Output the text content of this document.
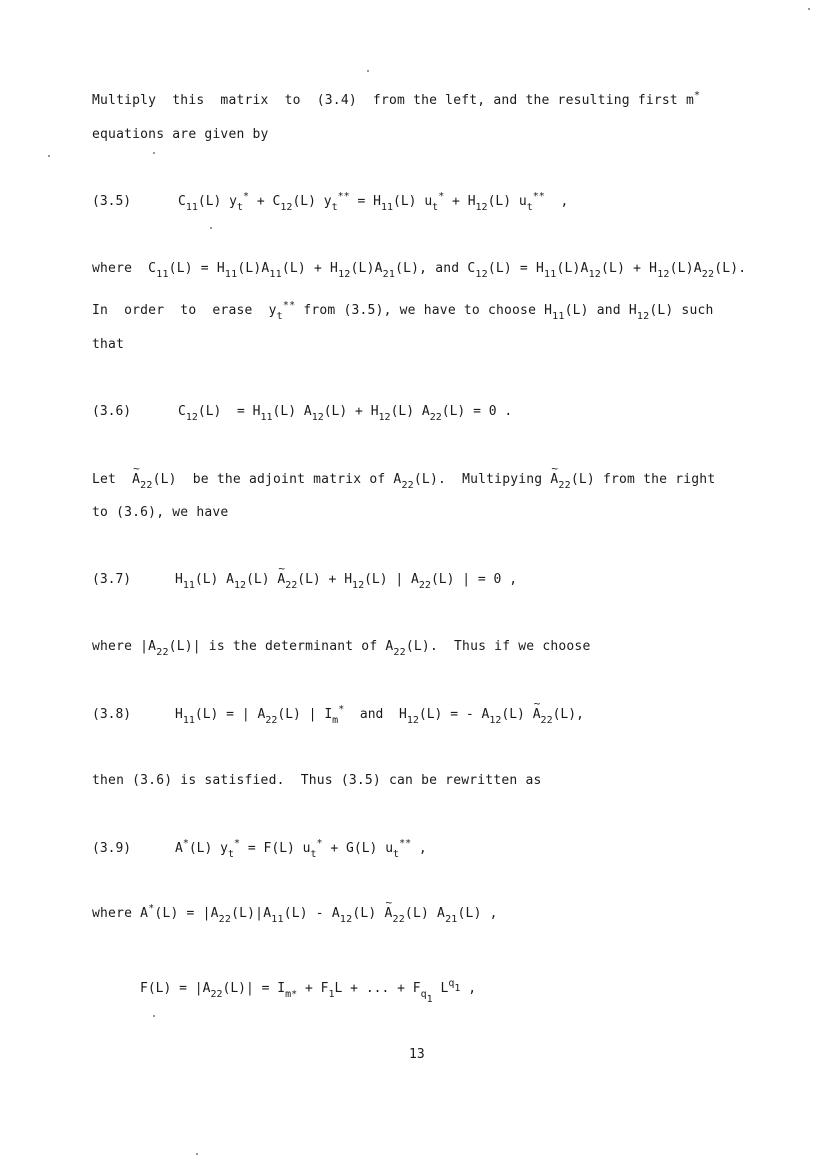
Multiply  this  matrix  to  (3.4)  from the left, and the resulting first m*
equations are given by
(3.5)	$C_{11}(L) y_t^* + C_{12}(L) y_t^{**} = H_{11}(L) u_t^* + H_{12}(L)$ $u_t^{**}$  ,
where  $C_{11}(L) = H_{11}(L)A_{11}(L) + H_{12}(L)A_{21}(L)$, and $C_{12}(L) = H_{11}(L)A_{12}(L) + H_{12}(L)A_{22}(L)$.
In  order  to  erase  $y_t^{**}$ from (3.5), we have to choose $H_{11}(L)$ and $H_{12}(L)$ such
that
(3.6)	$C_{12}(L) = H_{11}(L) A_{12}(L) + H_{12}(L) A_{22}(L) = 0$ .
Let  ~ $A_{22}(L)$  be the adjoint matrix of $A_{22}(L)$.  Multipying ~ $A_{22}(L)$ from the right
to (3.6), we have
(3.7)	$H_{11}(L)$ $A_{12}(L)$ ~ $A_{22}(L) + H_{12}(L)$ | $A_{22}(L)$ | = 0 ,
where $|A_{22}(L)|$ is the determinant of $A_{22}(L)$.  Thus if we choose
(3.8)	$H_{11}(L)$ = | $A_{22}(L)$ | $I_m^*$  and  $H_{12}(L)$ = - $A_{12}(L)$ ~ $A_{22}(L)$,
then (3.6) is satisfied.  Thus (3.5) can be rewritten as
(3.9)	A*(L) $y_t^* = F(L) u_t^* + G(L)$ $u_t^{**}$ ,
where $A^*(L) = |A_{22}(L)|A_{11}(L) - A_{12}(L)$ ~ $A_{22}(L)$ $A_{21}(L)$ ,
$F(L) = |A_{22}(L)| = I_{m*} + F_1L$ + ... + $F_{q_1}$ $L^{q_1}$ ,
13
